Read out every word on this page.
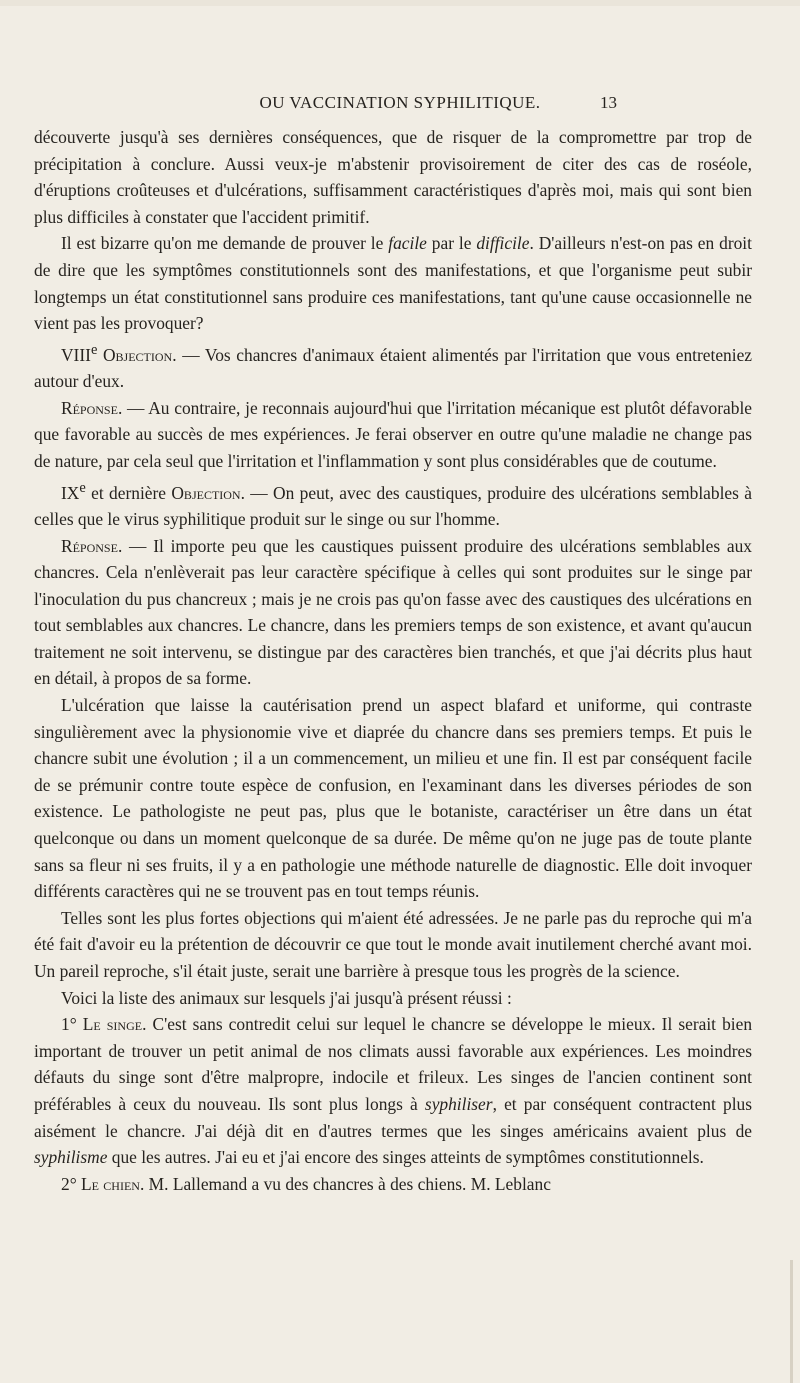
OU VACCINATION SYPHILITIQUE.	13

découverte jusqu'à ses dernières conséquences, que de risquer de la compromettre par trop de précipitation à conclure. Aussi veux-je m'abstenir provisoirement de citer des cas de roséole, d'éruptions croûteuses et d'ulcérations, suffisamment caractéristiques d'après moi, mais qui sont bien plus difficiles à constater que l'accident primitif.

Il est bizarre qu'on me demande de prouver le facile par le difficile. D'ailleurs n'est-on pas en droit de dire que les symptômes constitutionnels sont des manifestations, et que l'organisme peut subir longtemps un état constitutionnel sans produire ces manifestations, tant qu'une cause occasionnelle ne vient pas les provoquer?

VIIIe Objection. — Vos chancres d'animaux étaient alimentés par l'irritation que vous entreteniez autour d'eux.

Réponse. — Au contraire, je reconnais aujourd'hui que l'irritation mécanique est plutôt défavorable que favorable au succès de mes expériences. Je ferai observer en outre qu'une maladie ne change pas de nature, par cela seul que l'irritation et l'inflammation y sont plus considérables que de coutume.

IXe et dernière Objection. — On peut, avec des caustiques, produire des ulcérations semblables à celles que le virus syphilitique produit sur le singe ou sur l'homme.

Réponse. — Il importe peu que les caustiques puissent produire des ulcérations semblables aux chancres. Cela n'enlèverait pas leur caractère spécifique à celles qui sont produites sur le singe par l'inoculation du pus chancreux ; mais je ne crois pas qu'on fasse avec des caustiques des ulcérations en tout semblables aux chancres. Le chancre, dans les premiers temps de son existence, et avant qu'aucun traitement ne soit intervenu, se distingue par des caractères bien tranchés, et que j'ai décrits plus haut en détail, à propos de sa forme.

L'ulcération que laisse la cautérisation prend un aspect blafard et uniforme, qui contraste singulièrement avec la physionomie vive et diaprée du chancre dans ses premiers temps. Et puis le chancre subit une évolution ; il a un commencement, un milieu et une fin. Il est par conséquent facile de se prémunir contre toute espèce de confusion, en l'examinant dans les diverses périodes de son existence. Le pathologiste ne peut pas, plus que le botaniste, caractériser un être dans un état quelconque ou dans un moment quelconque de sa durée. De même qu'on ne juge pas de toute plante sans sa fleur ni ses fruits, il y a en pathologie une méthode naturelle de diagnostic. Elle doit invoquer différents caractères qui ne se trouvent pas en tout temps réunis.

Telles sont les plus fortes objections qui m'aient été adressées. Je ne parle pas du reproche qui m'a été fait d'avoir eu la prétention de découvrir ce que tout le monde avait inutilement cherché avant moi. Un pareil reproche, s'il était juste, serait une barrière à presque tous les progrès de la science.

Voici la liste des animaux sur lesquels j'ai jusqu'à présent réussi :

1° Le singe. C'est sans contredit celui sur lequel le chancre se développe le mieux. Il serait bien important de trouver un petit animal de nos climats aussi favorable aux expériences. Les moindres défauts du singe sont d'être malpropre, indocile et frileux. Les singes de l'ancien continent sont préférables à ceux du nouveau. Ils sont plus longs à syphiliser, et par conséquent contractent plus aisément le chancre. J'ai déjà dit en d'autres termes que les singes américains avaient plus de syphilisme que les autres. J'ai eu et j'ai encore des singes atteints de symptômes constitutionnels.

2° Le chien. M. Lallemand a vu des chancres à des chiens. M. Leblanc
